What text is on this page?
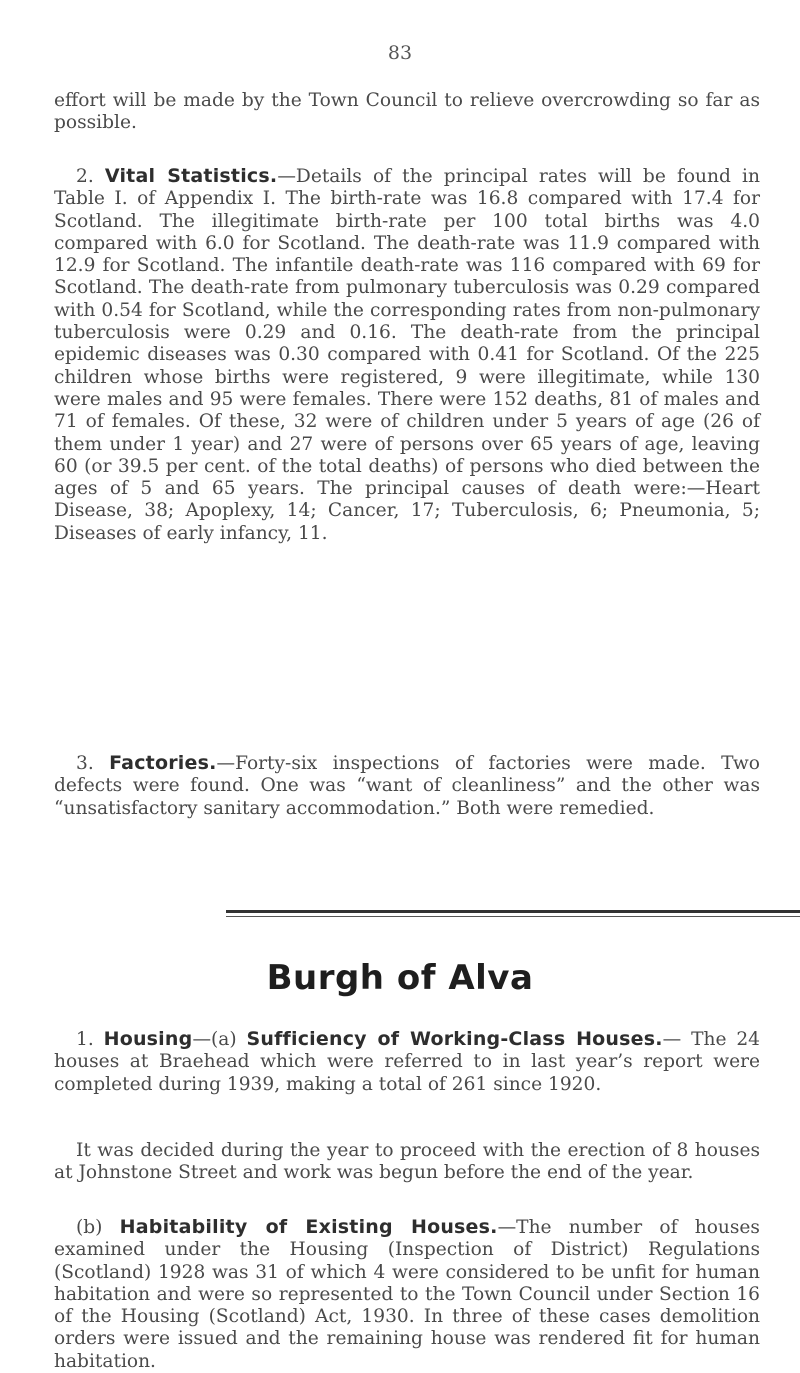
83

effort will be made by the Town Council to relieve overcrowding so far as possible.

2. Vital Statistics.—Details of the principal rates will be found in Table I. of Appendix I. The birth-rate was 16.8 compared with 17.4 for Scotland. The illegitimate birth-rate per 100 total births was 4.0 compared with 6.0 for Scotland. The death-rate was 11.9 compared with 12.9 for Scotland. The infantile death-rate was 116 compared with 69 for Scotland. The death-rate from pulmonary tuberculosis was 0.29 compared with 0.54 for Scotland, while the corresponding rates from non-pulmonary tuberculosis were 0.29 and 0.16. The death-rate from the principal epidemic diseases was 0.30 compared with 0.41 for Scotland. Of the 225 children whose births were registered, 9 were illegitimate, while 130 were males and 95 were females. There were 152 deaths, 81 of males and 71 of females. Of these, 32 were of children under 5 years of age (26 of them under 1 year) and 27 were of persons over 65 years of age, leaving 60 (or 39.5 per cent. of the total deaths) of persons who died between the ages of 5 and 65 years. The principal causes of death were:—Heart Disease, 38; Apoplexy, 14; Cancer, 17; Tuberculosis, 6; Pneumonia, 5; Diseases of early infancy, 11.

3. Factories.—Forty-six inspections of factories were made. Two defects were found. One was “want of cleanliness” and the other was “unsatisfactory sanitary accommodation.” Both were remedied.

Burgh of Alva

1. Housing—(a) Sufficiency of Working-Class Houses.— The 24 houses at Braehead which were referred to in last year’s report were completed during 1939, making a total of 261 since 1920.

It was decided during the year to proceed with the erection of 8 houses at Johnstone Street and work was begun before the end of the year.

(b) Habitability of Existing Houses.—The number of houses examined under the Housing (Inspection of District) Regulations (Scotland) 1928 was 31 of which 4 were considered to be unfit for human habitation and were so represented to the Town Council under Section 16 of the Housing (Scotland) Act, 1930. In three of these cases demolition orders were issued and the remaining house was rendered fit for human habitation.
